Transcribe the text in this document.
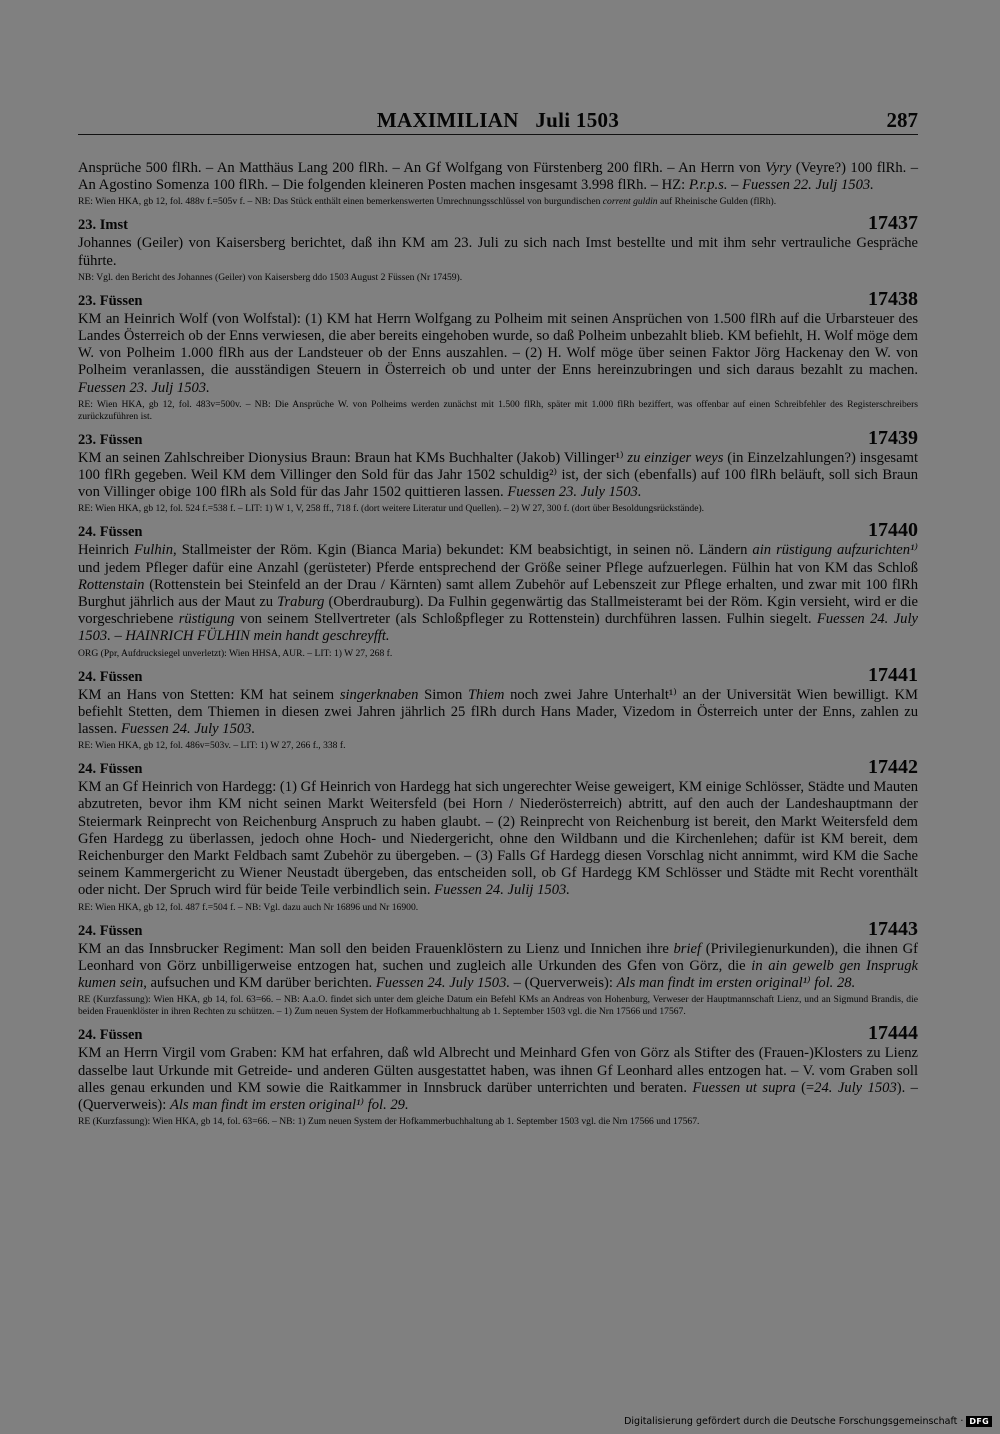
MAXIMILIAN   Juli 1503	287

Ansprüche 500 flRh. – An Matthäus Lang 200 flRh. – An Gf Wolfgang von Fürstenberg 200 flRh. – An Herrn von Vyry (Veyre?) 100 flRh. – An Agostino Somenza 100 flRh. – Die folgenden kleineren Posten machen insgesamt 3.998 flRh. – HZ: P.r.p.s. – Fuessen 22. Julj 1503.

RE: Wien HKA, gb 12, fol. 488v f.=505v f. – NB: Das Stück enthält einen bemerkenswerten Umrechnungsschlüssel von burgundischen corrent guldin auf Rheinische Gulden (flRh).

23. Imst	17437

Johannes (Geiler) von Kaisersberg berichtet, daß ihn KM am 23. Juli zu sich nach Imst bestellte und mit ihm sehr vertrauliche Gespräche führte.

NB: Vgl. den Bericht des Johannes (Geiler) von Kaisersberg ddo 1503 August 2 Füssen (Nr 17459).

23. Füssen	17438

KM an Heinrich Wolf (von Wolfstal): (1) KM hat Herrn Wolfgang zu Polheim mit seinen Ansprüchen von 1.500 flRh auf die Urbarsteuer des Landes Österreich ob der Enns verwiesen, die aber bereits eingehoben wurde, so daß Polheim unbezahlt blieb. KM befiehlt, H. Wolf möge dem W. von Polheim 1.000 flRh aus der Landsteuer ob der Enns auszahlen. – (2) H. Wolf möge über seinen Faktor Jörg Hackenay den W. von Polheim veranlassen, die ausständigen Steuern in Österreich ob und unter der Enns hereinzubringen und sich daraus bezahlt zu machen. Fuessen 23. Julj 1503.

RE: Wien HKA, gb 12, fol. 483v=500v. – NB: Die Ansprüche W. von Polheims werden zunächst mit 1.500 flRh, später mit 1.000 flRh beziffert, was offenbar auf einen Schreibfehler des Registerschreibers zurückzuführen ist.

23. Füssen	17439

KM an seinen Zahlschreiber Dionysius Braun: Braun hat KMs Buchhalter (Jakob) Villinger¹⁾ zu einziger weys (in Einzelzahlungen?) insgesamt 100 flRh gegeben. Weil KM dem Villinger den Sold für das Jahr 1502 schuldig²⁾ ist, der sich (ebenfalls) auf 100 flRh beläuft, soll sich Braun von Villinger obige 100 flRh als Sold für das Jahr 1502 quittieren lassen. Fuessen 23. July 1503.

RE: Wien HKA, gb 12, fol. 524 f.=538 f. – LIT: 1) W 1, V, 258 ff., 718 f. (dort weitere Literatur und Quellen). – 2) W 27, 300 f. (dort über Besoldungsrückstände).

24. Füssen	17440

Heinrich Fulhin, Stallmeister der Röm. Kgin (Bianca Maria) bekundet: KM beabsichtigt, in seinen nö. Ländern ain rüstigung aufzurichten¹⁾ und jedem Pfleger dafür eine Anzahl (gerüsteter) Pferde entsprechend der Größe seiner Pflege aufzuerlegen. Fülhin hat von KM das Schloß Rottenstain (Rottenstein bei Steinfeld an der Drau / Kärnten) samt allem Zubehör auf Lebenszeit zur Pflege erhalten, und zwar mit 100 flRh Burghut jährlich aus der Maut zu Traburg (Oberdrauburg). Da Fulhin gegenwärtig das Stallmeisteramt bei der Röm. Kgin versieht, wird er die vorgeschriebene rüstigung von seinem Stellvertreter (als Schloßpfleger zu Rottenstein) durchführen lassen. Fulhin siegelt. Fuessen 24. July 1503. – HAINRICH FÜLHIN mein handt geschreyfft.

ORG (Ppr, Aufdrucksiegel unverletzt): Wien HHSA, AUR. – LIT: 1) W 27, 268 f.

24. Füssen	17441

KM an Hans von Stetten: KM hat seinem singerknaben Simon Thiem noch zwei Jahre Unterhalt¹⁾ an der Universität Wien bewilligt. KM befiehlt Stetten, dem Thiemen in diesen zwei Jahren jährlich 25 flRh durch Hans Mader, Vizedom in Österreich unter der Enns, zahlen zu lassen. Fuessen 24. July 1503.

RE: Wien HKA, gb 12, fol. 486v=503v. – LIT: 1) W 27, 266 f., 338 f.

24. Füssen	17442

KM an Gf Heinrich von Hardegg: (1) Gf Heinrich von Hardegg hat sich ungerechter Weise geweigert, KM einige Schlösser, Städte und Mauten abzutreten, bevor ihm KM nicht seinen Markt Weitersfeld (bei Horn / Niederösterreich) abtritt, auf den auch der Landeshauptmann der Steiermark Reinprecht von Reichenburg Anspruch zu haben glaubt. – (2) Reinprecht von Reichenburg ist bereit, den Markt Weitersfeld dem Gfen Hardegg zu überlassen, jedoch ohne Hoch- und Niedergericht, ohne den Wildbann und die Kirchenlehen; dafür ist KM bereit, dem Reichenburger den Markt Feldbach samt Zubehör zu übergeben. – (3) Falls Gf Hardegg diesen Vorschlag nicht annimmt, wird KM die Sache seinem Kammergericht zu Wiener Neustadt übergeben, das entscheiden soll, ob Gf Hardegg KM Schlösser und Städte mit Recht vorenthält oder nicht. Der Spruch wird für beide Teile verbindlich sein. Fuessen 24. Julij 1503.

RE: Wien HKA, gb 12, fol. 487 f.=504 f. – NB: Vgl. dazu auch Nr 16896 und Nr 16900.

24. Füssen	17443

KM an das Innsbrucker Regiment: Man soll den beiden Frauenklöstern zu Lienz und Innichen ihre brief (Privilegienurkunden), die ihnen Gf Leonhard von Görz unbilligerweise entzogen hat, suchen und zugleich alle Urkunden des Gfen von Görz, die in ain gewelb gen Insprugk kumen sein, aufsuchen und KM darüber berichten. Fuessen 24. July 1503. – (Querverweis): Als man findt im ersten original¹⁾ fol. 28.

RE (Kurzfassung): Wien HKA, gb 14, fol. 63=66. – NB: A.a.O. findet sich unter dem gleiche Datum ein Befehl KMs an Andreas von Hohenburg, Verweser der Hauptmannschaft Lienz, und an Sigmund Brandis, die beiden Frauenklöster in ihren Rechten zu schützen. – 1) Zum neuen System der Hofkammerbuchhaltung ab 1. September 1503 vgl. die Nrn 17566 und 17567.

24. Füssen	17444

KM an Herrn Virgil vom Graben: KM hat erfahren, daß wld Albrecht und Meinhard Gfen von Görz als Stifter des (Frauen-)Klosters zu Lienz dasselbe laut Urkunde mit Getreide- und anderen Gülten ausgestattet haben, was ihnen Gf Leonhard alles entzogen hat. – V. vom Graben soll alles genau erkunden und KM sowie die Raitkammer in Innsbruck darüber unterrichten und beraten. Fuessen ut supra (=24. July 1503). – (Querverweis): Als man findt im ersten original¹⁾ fol. 29.

RE (Kurzfassung): Wien HKA, gb 14, fol. 63=66. – NB: 1) Zum neuen System der Hofkammerbuchhaltung ab 1. September 1503 vgl. die Nrn 17566 und 17567.

Digitalisierung gefördert durch die Deutsche Forschungsgemeinschaft · DFG
